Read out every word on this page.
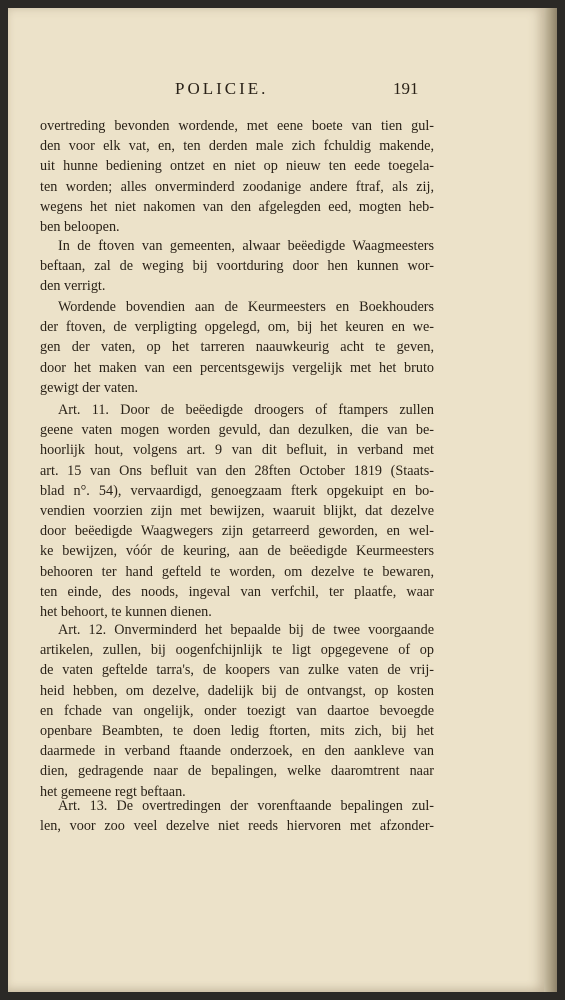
POLICIE.	191
overtreding bevonden wordende, met eene boete van tien gul-
den voor elk vat, en, ten derden male zich fchuldig makende,
uit hunne bediening ontzet en niet op nieuw ten eede toegela-
ten worden; alles onverminderd zoodanige andere ftraf, als zij,
wegens het niet nakomen van den afgelegden eed, mogten heb-
ben beloopen.
In de ftoven van gemeenten, alwaar beëedigde Waagmeesters
beftaan, zal de weging bij voortduring door hen kunnen wor-
den verrigt.
Wordende bovendien aan de Keurmeesters en Boekhouders
der ftoven, de verpligting opgelegd, om, bij het keuren en we-
gen der vaten, op het tarreren naauwkeurig acht te geven,
door het maken van een percentsgewijs vergelijk met het bruto
gewigt der vaten.
Art. 11. Door de beëedigde droogers of ftampers zullen
geene vaten mogen worden gevuld, dan dezulken, die van be-
hoorlijk hout, volgens art. 9 van dit befluit, in verband met
art. 15 van Ons befluit van den 28ften October 1819 (Staats-
blad n°. 54), vervaardigd, genoegzaam fterk opgekuipt en bo-
vendien voorzien zijn met bewijzen, waaruit blijkt, dat dezelve
door beëedigde Waagwegers zijn getarreerd geworden, en wel-
ke bewijzen, vóór de keuring, aan de beëedigde Keurmeesters
behooren ter hand gefteld te worden, om dezelve te bewaren,
ten einde, des noods, ingeval van verfchil, ter plaatfe, waar
het behoort, te kunnen dienen.
Art. 12. Onverminderd het bepaalde bij de twee voorgaande
artikelen, zullen, bij oogenfchijnlijk te ligt opgegevene of op
de vaten geftelde tarra's, de koopers van zulke vaten de vrij-
heid hebben, om dezelve, dadelijk bij de ontvangst, op kosten
en fchade van ongelijk, onder toezigt van daartoe bevoegde
openbare Beambten, te doen ledig ftorten, mits zich, bij het
daarmede in verband ftaande onderzoek, en den aankleve van
dien, gedragende naar de bepalingen, welke daaromtrent naar
het gemeene regt beftaan.
Art. 13. De overtredingen der vorenftaande bepalingen zul-
len, voor zoo veel dezelve niet reeds hiervoren met afzonder-
